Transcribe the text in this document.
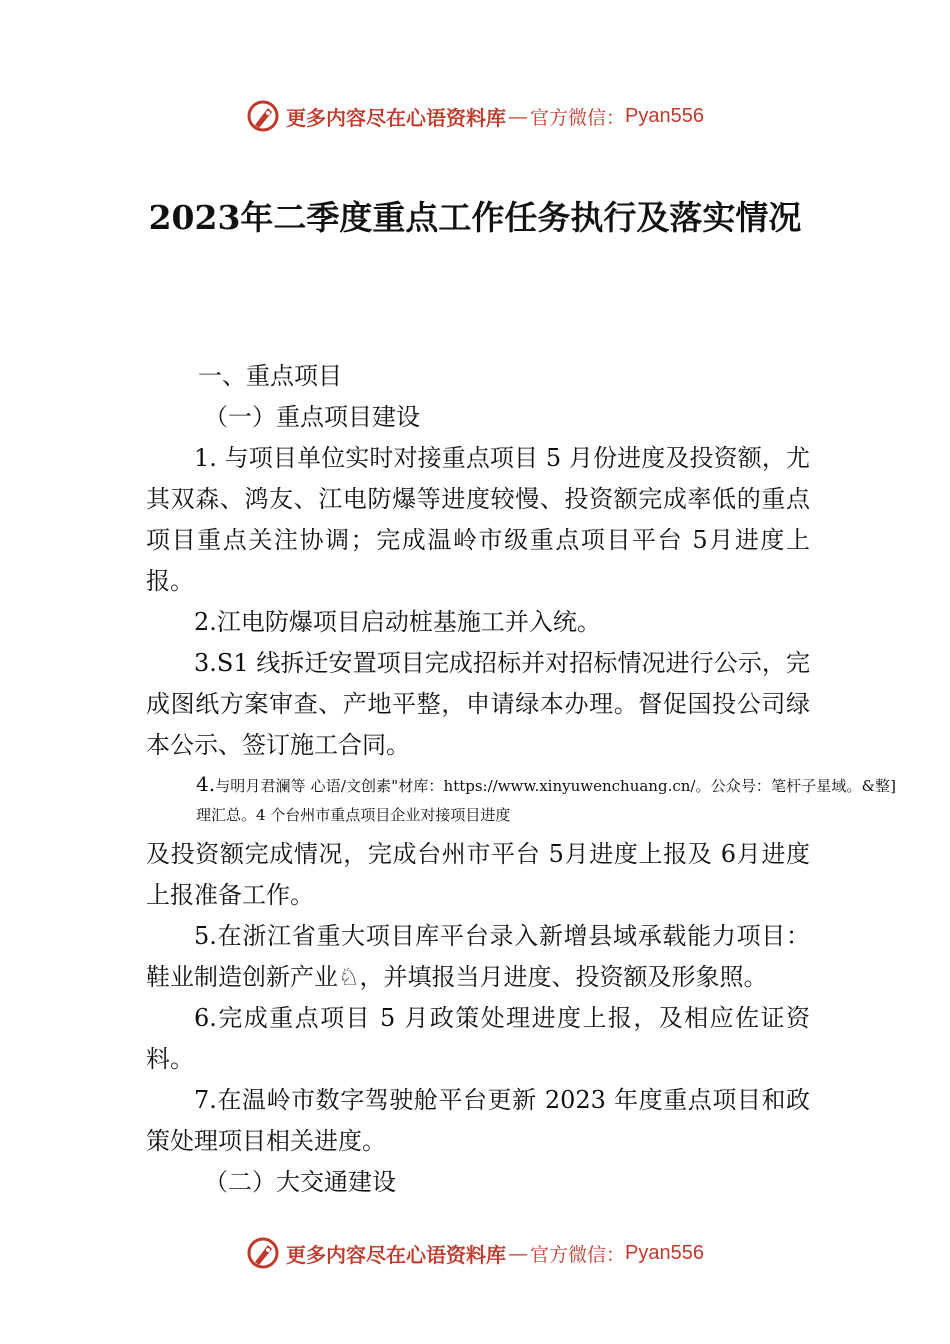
更多内容尽在心语资料库 — 官方微信： Pyan556
2023年二季度重点工作任务执行及落实情况

一、重点项目

（一）重点项目建设

1. 与项目单位实时对接重点项目 5 月份进度及投资额，尤其双森、鸿友、江电防爆等进度较慢、投资额完成率低的重点项目重点关注协调；完成温岭市级重点项目平台 5月进度上报。

2.江电防爆项目启动桩基施工并入统。

3.S1 线拆迁安置项目完成招标并对招标情况进行公示，完成图纸方案审查、产地平整，申请绿本办理。督促国投公司绿本公示、签订施工合同。

4.与明月君澜等 心语/文创素"材库：https://www.xinyuwenchuang.cn/。公众号：笔杆子星域。&整]理汇总。4 个台州市重点项目企业对接项目进度

及投资额完成情况，完成台州市平台 5月进度上报及 6月进度上报准备工作。

5.在浙江省重大项目库平台录入新增县域承载能力项目：鞋业制造创新产业♘，并填报当月进度、投资额及形象照。

6.完成重点项目 5 月政策处理进度上报，及相应佐证资料。

7.在温岭市数字驾驶舱平台更新 2023 年度重点项目和政策处理项目相关进度。

（二）大交通建设

更多内容尽在心语资料库 — 官方微信： Pyan556
